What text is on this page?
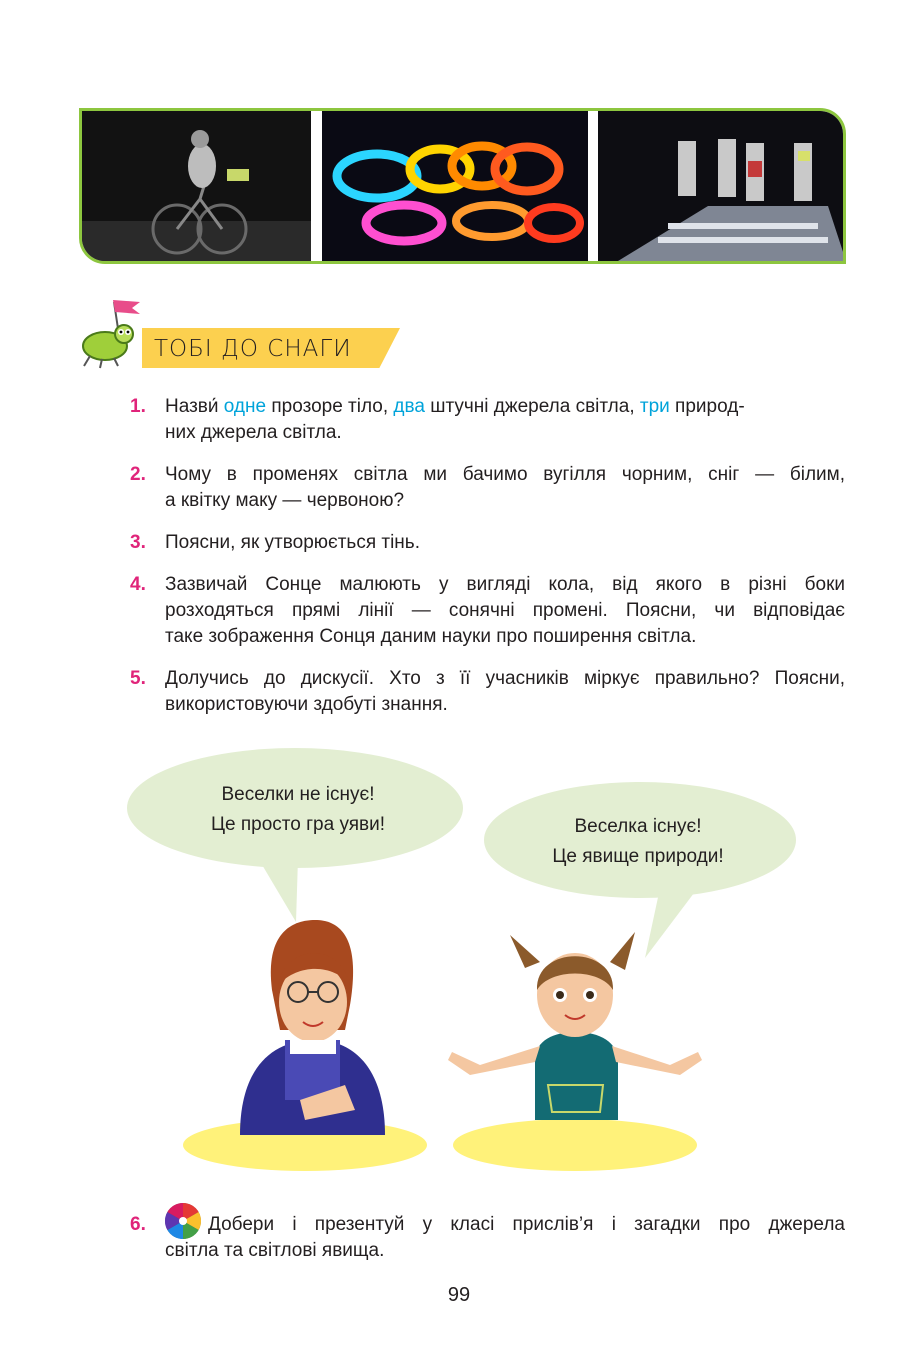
ТОБІ ДО СНАГИ
1. Назви́ одне прозоре тіло, два штучні джерела світла, три природ-
них джерела світла.
2. Чому в променях світла ми бачимо вугілля чорним, сніг — білим,
а квітку маку — червоною?
3. Поясни, як утворюється тінь.
4. Зазвичай Сонце малюють у вигляді кола, від якого в різні боки
розходяться прямі лінії — сонячні промені. Поясни, чи відповідає
таке зображення Сонця даним науки про поширення світла.
5. Долучись до дискусії. Хто з її учасників міркує правильно? Поясни,
використовуючи здобуті знання.
Веселки не існує!
Це просто гра уяви!	Веселка існує!
Це явище природи!
6.	Добери і презентуй у класі прислів’я і загадки про джерела
світла та світлові явища.
99
